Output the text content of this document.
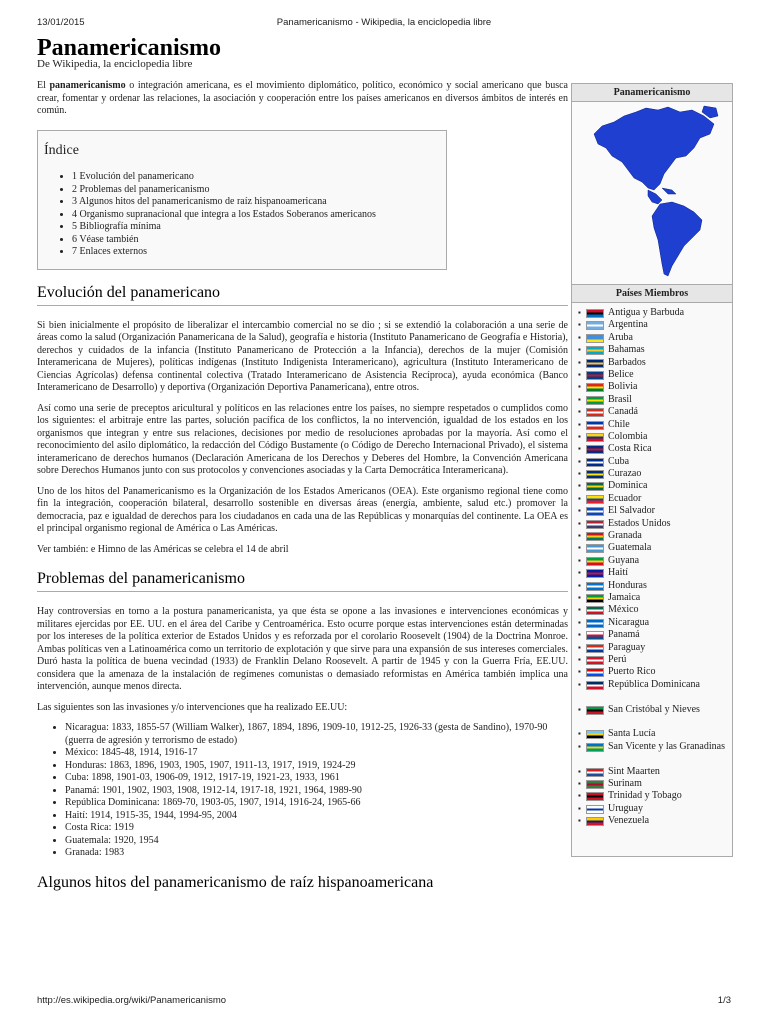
13/01/2015	Panamericanismo - Wikipedia, la enciclopedia libre
Panamericanismo
De Wikipedia, la enciclopedia libre

El panamericanismo o integración americana, es el movimiento diplomático, político, económico y social americano que busca crear, fomentar y ordenar las relaciones, la asociación y cooperación entre los países americanos en diversos ámbitos de interés en común.

Índice
• 1 Evolución del panamericano
• 2 Problemas del panamericanismo
• 3 Algunos hitos del panamericanismo de raíz hispanoamericana
• 4 Organismo supranacional que integra a los Estados Soberanos americanos
• 5 Bibliografía mínima
• 6 Véase también
• 7 Enlaces externos
Evolución del panamericano

Si bien inicialmente el propósito de liberalizar el intercambio comercial no se dio ; si se extendió la colaboración a una serie de áreas como la salud (Organización Panamericana de la Salud), geografía e historia (Instituto Panamericano de Geografía e Historia), derechos y cuidados de la infancia (Instituto Panamericano de Protección a la Infancia), derechos de la mujer (Comisión Interamericana de Mujeres), políticas indígenas (Instituto Indigenista Interamericano), agricultura (Instituto Interamericano de Ciencias Agrícolas) defensa continental colectiva (Tratado Interamericano de Asistencia Recíproca), ayuda económica (Banco Interamericano de Desarrollo) y deportiva (Organización Deportiva Panamericana), entre otros.

Así como una serie de preceptos aricultural y políticos en las relaciones entre los países, no siempre respetados o cumplidos como los siguientes: el arbitraje entre las partes, solución pacífica de los conflictos, la no intervención, igualdad de los estados en los organismos que integran y entre sus relaciones, decisiones por medio de resoluciones aprobadas por la mayoría. Así como el reconocimiento del asilo diplomático, la redacción del Código Bustamente (o Código de Derecho Internacional Privado), el sistema interamericano de derechos humanos (Declaración Americana de los Derechos y Deberes del Hombre, la Convención Americana sobre Derechos Humanos junto con sus protocolos y convenciones asociadas y la Carta Democrática Interamericana).

Uno de los hitos del Panamericanismo es la Organización de los Estados Americanos (OEA). Este organismo regional tiene como fin la integración, cooperación bilateral, desarrollo sostenible en diversas áreas (energía, ambiente, salud etc.) promover la democracia, paz e igualdad de derechos para los ciudadanos en cada una de las Repúblicas y monarquías del continente. La OEA es el principal organismo regional de América o Las Américas.

Ver también: e Himno de las Américas se celebra el 14 de abril

Problemas del panamericanismo

Hay controversias en torno a la postura panamericanista, ya que ésta se opone a las invasiones e intervenciones económicas y militares ejercidas por EE. UU. en el área del Caribe y Centroamérica. Esto ocurre porque estas intervenciones están determinadas por los intereses de la política exterior de Estados Unidos y es reforzada por el corolario Roosevelt (1904) de la Doctrina Monroe. Ambas políticas ven a Latinoamérica como un territorio de explotación y que sirve para una expansión de sus intereses comerciales. Duró hasta la política de buena vecindad (1933) de Franklin Delano Roosevelt. A partir de 1945 y con la Guerra Fría, EE.UU. considera que la amenaza de la instalación de regímenes comunistas o demasiado reformistas en América también implica una intervención, aunque menos directa.

Las siguientes son las invasiones y/o intervenciones que ha realizado EE.UU:

• Nicaragua: 1833, 1855-57 (William Walker), 1867, 1894, 1896, 1909-10, 1912-25, 1926-33 (gesta de Sandino), 1970-90 (guerra de agresión y terrorismo de estado)
• México: 1845-48, 1914, 1916-17
• Honduras: 1863, 1896, 1903, 1905, 1907, 1911-13, 1917, 1919, 1924-29
• Cuba: 1898, 1901-03, 1906-09, 1912, 1917-19, 1921-23, 1933, 1961
• Panamá: 1901, 1902, 1903, 1908, 1912-14, 1917-18, 1921, 1964, 1989-90
• República Dominicana: 1869-70, 1903-05, 1907, 1914, 1916-24, 1965-66
• Haití: 1914, 1915-35, 1944, 1994-95, 2004
• Costa Rica: 1919
• Guatemala: 1920, 1954
• Granada: 1983
Algunos hitos del panamericanismo de raíz hispanoamericana
Panamericanismo
Países Miembros
▪ Antigua y Barbuda
▪ Argentina
▪ Aruba
▪ Bahamas
▪ Barbados
▪ Belice
▪ Bolivia
▪ Brasil
▪ Canadá
▪ Chile
▪ Colombia
▪ Costa Rica
▪ Cuba
▪ Curazao
▪ Dominica
▪ Ecuador
▪ El Salvador
▪ Estados Unidos
▪ Granada
▪ Guatemala
▪ Guyana
▪ Haití
▪ Honduras
▪ Jamaica
▪ México
▪ Nicaragua
▪ Panamá
▪ Paraguay
▪ Perú
▪ Puerto Rico
▪ República Dominicana
▪ San Cristóbal y Nieves
▪ Santa Lucía
▪ San Vicente y las Granadinas
▪ Sint Maarten
▪ Surinam
▪ Trinidad y Tobago
▪ Uruguay
▪ Venezuela
http://es.wikipedia.org/wiki/Panamericanismo	1/3
